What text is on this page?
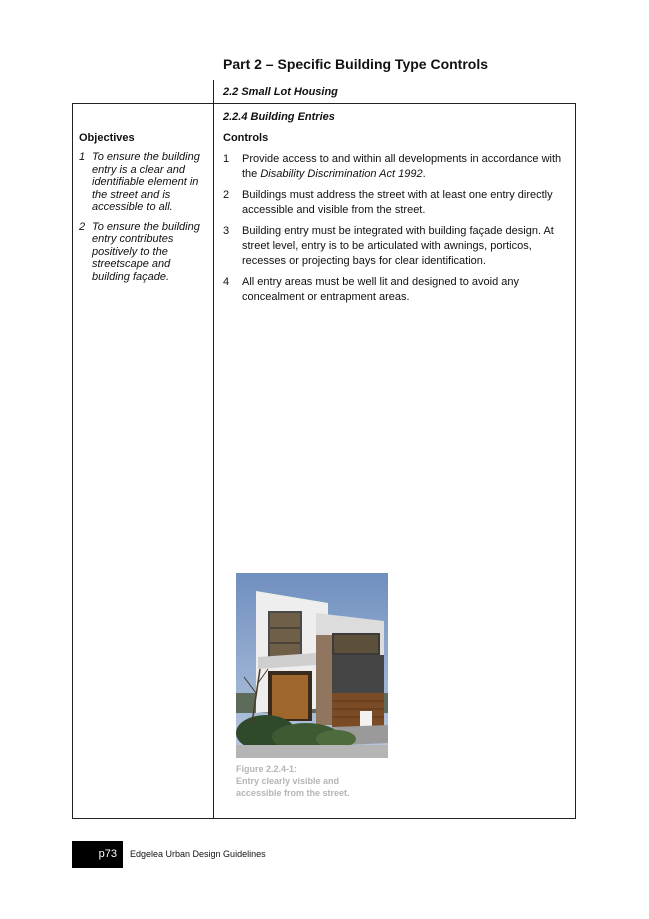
Part 2 – Specific Building Type Controls
2.2 Small Lot Housing
2.2.4 Building Entries
Objectives	Controls
1 To ensure the building entry is a clear and identifiable element in the street and is accessible to all.
2 To ensure the building entry contributes positively to the streetscape and building façade.
1	Provide access to and within all developments in accordance with the Disability Discrimination Act 1992.
2	Buildings must address the street with at least one entry directly accessible and visible from the street.
3	Building entry must be integrated with building façade design. At street level, entry is to be articulated with awnings, porticos, recesses or projecting bays for clear identification.
4	All entry areas must be well lit and designed to avoid any concealment or entrapment areas.
Figure 2.2.4-1:
Entry clearly visible and
accessible from the street.
p73	Edgelea Urban Design Guidelines
